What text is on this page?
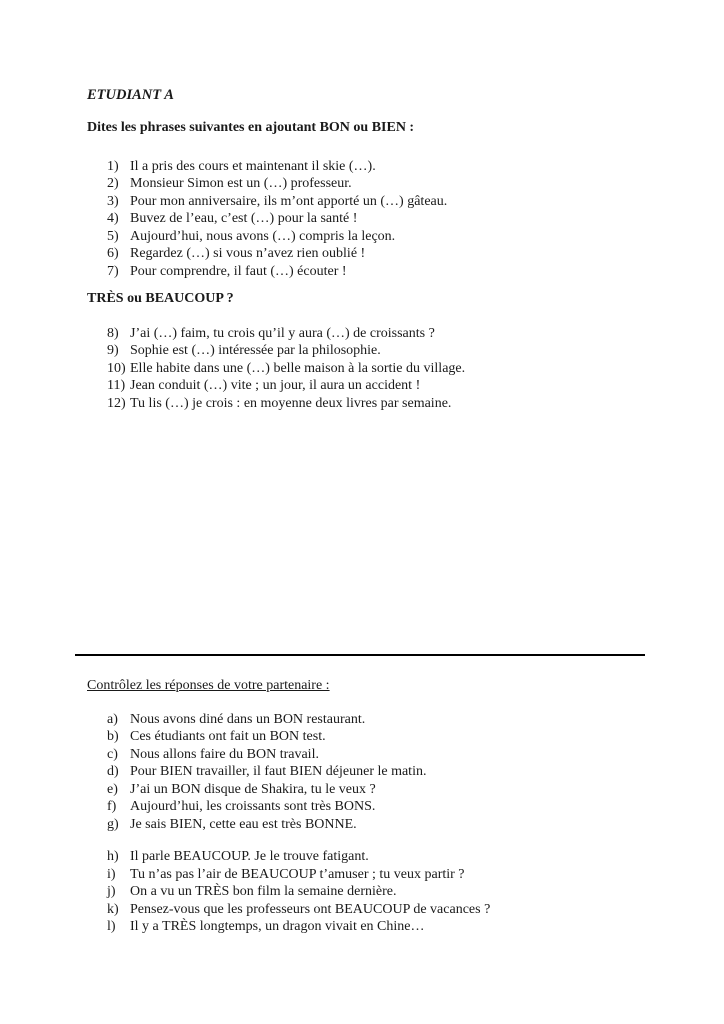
ETUDIANT A

Dites les phrases suivantes en ajoutant BON ou BIEN :

1) Il a pris des cours et maintenant il skie (…).
2) Monsieur Simon est un (…) professeur.
3) Pour mon anniversaire, ils m’ont apporté un (…) gâteau.
4) Buvez de l’eau, c’est (…) pour la santé !
5) Aujourd’hui, nous avons (…) compris la leçon.
6) Regardez (…) si vous n’avez rien oublié !
7) Pour comprendre, il faut (…) écouter !

TRÈS ou BEAUCOUP ?

8) J’ai (…) faim, tu crois qu’il y aura (…) de croissants ?
9) Sophie est (…) intéressée par la philosophie.
10) Elle habite dans une (…) belle maison à la sortie du village.
11) Jean conduit (…) vite ; un jour, il aura un accident !
12) Tu lis (…) je crois : en moyenne deux livres par semaine.

Contrôlez les réponses de votre partenaire :

a) Nous avons diné dans un BON restaurant.
b) Ces étudiants ont fait un BON test.
c) Nous allons faire du BON travail.
d) Pour BIEN travailler, il faut BIEN déjeuner le matin.
e) J’ai un BON disque de Shakira, tu le veux ?
f) Aujourd’hui, les croissants sont très BONS.
g) Je sais BIEN, cette eau est très BONNE.
h) Il parle BEAUCOUP. Je le trouve fatigant.
i) Tu n’as pas l’air de BEAUCOUP t’amuser ; tu veux partir ?
j) On a vu un TRÈS bon film la semaine dernière.
k) Pensez-vous que les professeurs ont BEAUCOUP de vacances ?
l) Il y a TRÈS longtemps, un dragon vivait en Chine…
